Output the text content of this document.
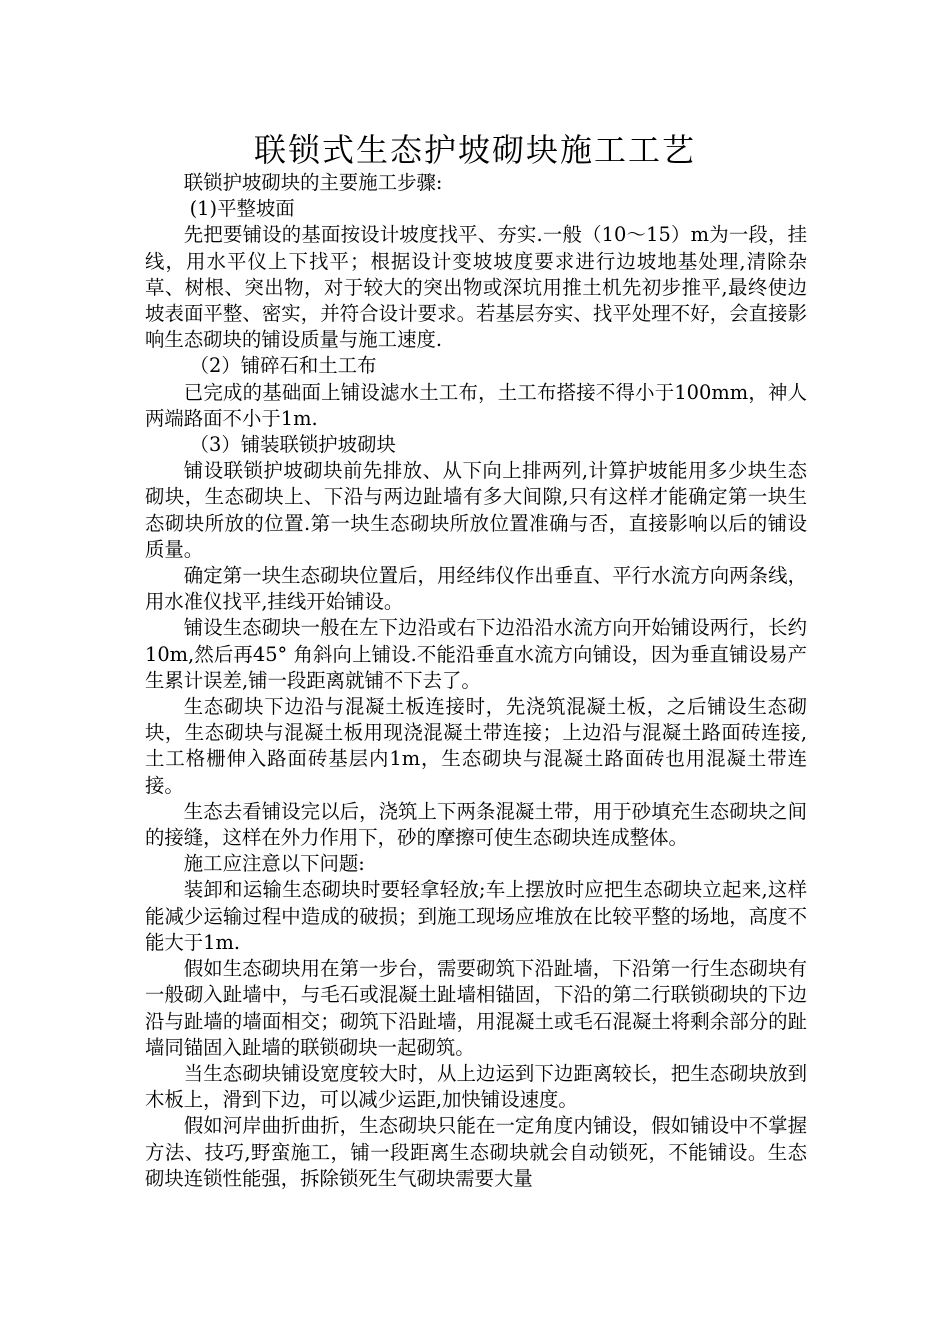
联锁式生态护坡砌块施工工艺

联锁护坡砌块的主要施工步骤:

(1)平整坡面

先把要铺设的基面按设计坡度找平、夯实.一般（10～15）m为一段，挂线，用水平仪上下找平；根据设计变坡坡度要求进行边坡地基处理,清除杂草、树根、突出物，对于较大的突出物或深坑用推土机先初步推平,最终使边坡表面平整、密实，并符合设计要求。若基层夯实、找平处理不好，会直接影响生态砌块的铺设质量与施工速度.

（2）铺碎石和土工布

已完成的基础面上铺设滤水土工布，土工布搭接不得小于100mm，神人两端路面不小于1m.

（3）铺装联锁护坡砌块

铺设联锁护坡砌块前先排放、从下向上排两列,计算护坡能用多少块生态砌块，生态砌块上、下沿与两边趾墙有多大间隙,只有这样才能确定第一块生态砌块所放的位置.第一块生态砌块所放位置准确与否，直接影响以后的铺设质量。

确定第一块生态砌块位置后，用经纬仪作出垂直、平行水流方向两条线，用水准仪找平,挂线开始铺设。

铺设生态砌块一般在左下边沿或右下边沿沿水流方向开始铺设两行，长约10m,然后再45° 角斜向上铺设.不能沿垂直水流方向铺设，因为垂直铺设易产生累计误差,铺一段距离就铺不下去了。

生态砌块下边沿与混凝土板连接时，先浇筑混凝土板，之后铺设生态砌块，生态砌块与混凝土板用现浇混凝土带连接；上边沿与混凝土路面砖连接,土工格栅伸入路面砖基层内1m，生态砌块与混凝土路面砖也用混凝土带连接。

生态去看铺设完以后，浇筑上下两条混凝土带，用于砂填充生态砌块之间的接缝，这样在外力作用下，砂的摩擦可使生态砌块连成整体。

施工应注意以下问题:

装卸和运输生态砌块时要轻拿轻放;车上摆放时应把生态砌块立起来,这样能减少运输过程中造成的破损；到施工现场应堆放在比较平整的场地，高度不能大于1m.

假如生态砌块用在第一步台，需要砌筑下沿趾墙，下沿第一行生态砌块有一般砌入趾墙中，与毛石或混凝土趾墙相锚固，下沿的第二行联锁砌块的下边沿与趾墙的墙面相交；砌筑下沿趾墙，用混凝土或毛石混凝土将剩余部分的趾墙同锚固入趾墙的联锁砌块一起砌筑。

当生态砌块铺设宽度较大时，从上边运到下边距离较长，把生态砌块放到木板上，滑到下边，可以减少运距,加快铺设速度。

假如河岸曲折曲折，生态砌块只能在一定角度内铺设，假如铺设中不掌握方法、技巧,野蛮施工，铺一段距离生态砌块就会自动锁死，不能铺设。生态砌块连锁性能强，拆除锁死生气砌块需要大量
